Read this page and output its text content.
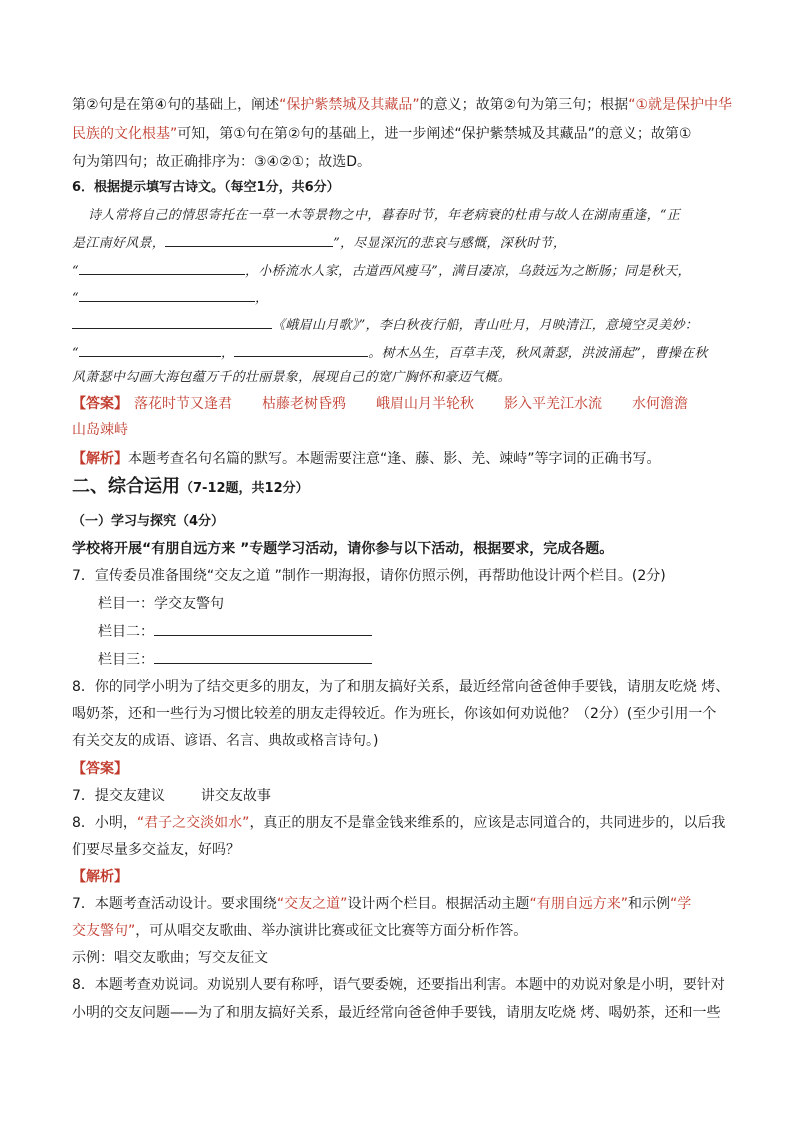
第②句是在第④句的基础上，阐述“保护紫禁城及其藏品”的意义；故第②句为第三句；根据“①就是保护中华
民族的文化根基”可知，第①句在第②句的基础上，进一步阐述“保护紫禁城及其藏品”的意义；故第①
句为第四句；故正确排序为：③④②①；故选D。
6．根据提示填写古诗文。（每空1分，共6分）
诗人常将自己的情思寄托在一草一木等景物之中，暮春时节，年老病衰的杜甫与故人在湖南重逢，“正
是江南好风景，	”，尽显深沉的悲哀与感慨，深秋时节，
“	，小桥流水人家，古道西风瘦马”，满目凄凉，乌鼓远为之断肠；同是秋天，
“	，
《峨眉山月歌》”，李白秋夜行船，青山吐月，月映清江，意境空灵美妙：
“	，	。树木丛生，百草丰茂，秋风萧瑟，洪波涌起”，曹操在秋
风萧瑟中勾画大海包蕴万千的壮丽景象，展现自己的宽广胸怀和豪迈气概。
【答案】 落花时节又逢君 枯藤老树昏鸦 峨眉山月半轮秋 影入平羌江水流 水何澹澹
山岛竦峙
【解析】本题考查名句名篇的默写。本题需要注意“逢、藤、影、羌、竦峙”等字词的正确书写。
二、综合运用（7-12题，共12分）
（一）学习与探究（4分）
学校将开展“有朋自远方来 ”专题学习活动，请你参与以下活动，根据要求，完成各题。
7．宣传委员准备围绕“交友之道 ”制作一期海报，请你仿照示例，再帮助他设计两个栏目。(2分)
栏目一：学交友警句
栏目二：
栏目三：
8．你的同学小明为了结交更多的朋友，为了和朋友搞好关系，最近经常向爸爸伸手要钱，请朋友吃烧 烤、
喝奶茶，还和一些行为习惯比较差的朋友走得较近。作为班长，你该如何劝说他？（2分）(至少引用一个
有关交友的成语、谚语、名言、典故或格言诗句。)
【答案】
7．提交友建议	讲交友故事
8．小明，“君子之交淡如水”，真正的朋友不是靠金钱来维系的，应该是志同道合的，共同进步的，以后我
们要尽量多交益友，好吗？
【解析】
7．本题考查活动设计。要求围绕“交友之道”设计两个栏目。根据活动主题“有朋自远方来”和示例“学
交友警句”，可从唱交友歌曲、举办演讲比赛或征文比赛等方面分析作答。
示例：唱交友歌曲；写交友征文
8．本题考查劝说词。劝说别人要有称呼，语气要委婉，还要指出利害。本题中的劝说对象是小明，要针对
小明的交友问题——为了和朋友搞好关系，最近经常向爸爸伸手要钱，请朋友吃烧 烤、喝奶茶，还和一些
